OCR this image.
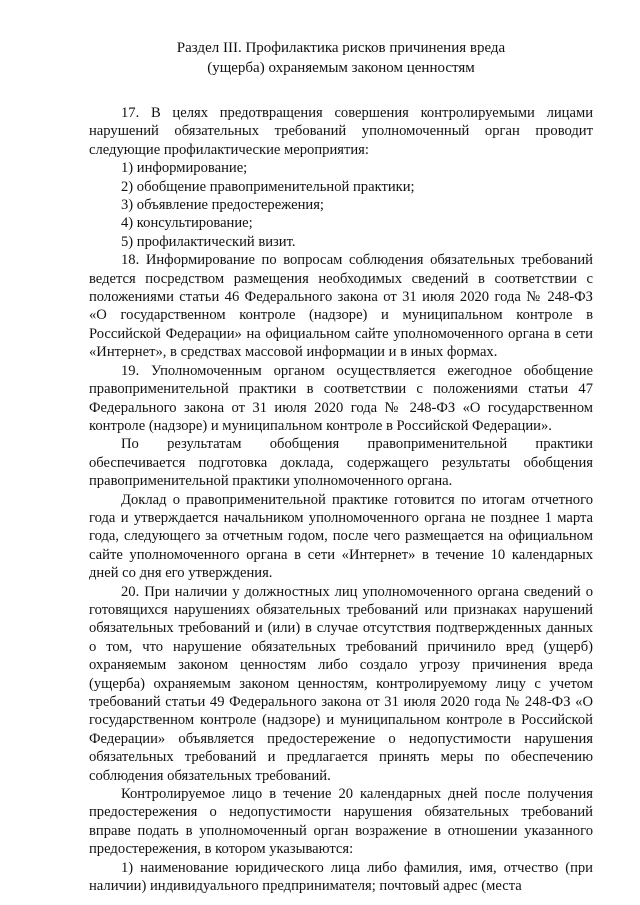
Раздел III. Профилактика рисков причинения вреда
(ущерба) охраняемым законом ценностям

17. В целях предотвращения совершения контролируемыми лицами нарушений обязательных требований уполномоченный орган проводит следующие профилактические мероприятия:

1) информирование;

2) обобщение правоприменительной практики;

3) объявление предостережения;

4) консультирование;

5) профилактический визит.

18. Информирование по вопросам соблюдения обязательных требований ведется посредством размещения необходимых сведений в соответствии с положениями статьи 46 Федерального закона от 31 июля 2020 года № 248-ФЗ «О государственном контроле (надзоре) и муниципальном контроле в Российской Федерации» на официальном сайте уполномоченного органа в сети «Интернет», в средствах массовой информации и в иных формах.

19. Уполномоченным органом осуществляется ежегодное обобщение правоприменительной практики в соответствии с положениями статьи 47 Федерального закона от 31 июля 2020 года № 248-ФЗ «О государственном контроле (надзоре) и муниципальном контроле в Российской Федерации».

По результатам обобщения правоприменительной практики обеспечивается подготовка доклада, содержащего результаты обобщения правоприменительной практики уполномоченного органа.

Доклад о правоприменительной практике готовится по итогам отчетного года и утверждается начальником уполномоченного органа не позднее 1 марта года, следующего за отчетным годом, после чего размещается на официальном сайте уполномоченного органа в сети «Интернет» в течение 10 календарных дней со дня его утверждения.

20. При наличии у должностных лиц уполномоченного органа сведений о готовящихся нарушениях обязательных требований или признаках нарушений обязательных требований и (или) в случае отсутствия подтвержденных данных о том, что нарушение обязательных требований причинило вред (ущерб) охраняемым законом ценностям либо создало угрозу причинения вреда (ущерба) охраняемым законом ценностям, контролируемому лицу с учетом требований статьи 49 Федерального закона от 31 июля 2020 года № 248-ФЗ «О государственном контроле (надзоре) и муниципальном контроле в Российской Федерации» объявляется предостережение о недопустимости нарушения обязательных требований и предлагается принять меры по обеспечению соблюдения обязательных требований.

Контролируемое лицо в течение 20 календарных дней после получения предостережения о недопустимости нарушения обязательных требований вправе подать в уполномоченный орган возражение в отношении указанного предостережения, в котором указываются:

1) наименование юридического лица либо фамилия, имя, отчество (при наличии) индивидуального предпринимателя; почтовый адрес (места
